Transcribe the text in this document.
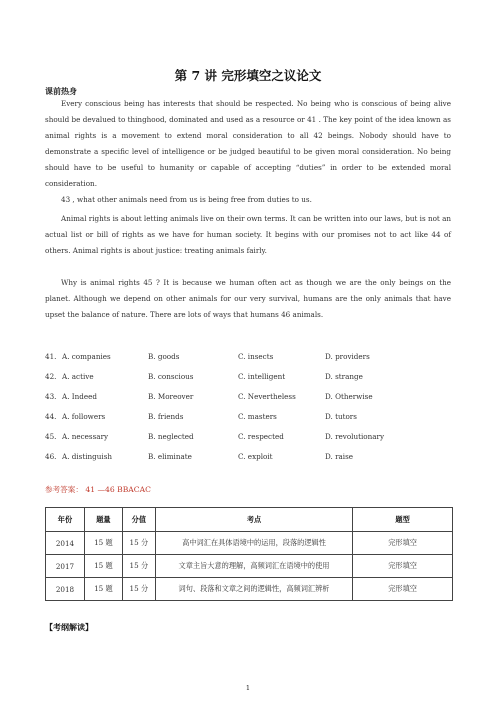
第 7 讲 完形填空之议论文
课前热身

Every conscious being has interests that should be respected. No being who is conscious of being alive should be devalued to thinghood, dominated and used as a resource or 41 . The key point of the idea known as animal rights is a movement to extend moral consideration to all 42 beings. Nobody should have to demonstrate a specific level of intelligence or be judged beautiful to be given moral consideration. No being should have to be useful to humanity or capable of accepting “duties” in order to be extended moral consideration.

43 , what other animals need from us is being free from duties to us.

Animal rights is about letting animals live on their own terms. It can be written into our laws, but is not an actual list or bill of rights as we have for human society. It begins with our promises not to act like 44 of others. Animal rights is about justice: treating animals fairly.

Why is animal rights 45 ? It is because we human often act as though we are the only beings on the planet. Although we depend on other animals for our very survival, humans are the only animals that have upset the balance of nature. There are lots of ways that humans 46 animals.

41. A. companies	B. goods	C. insects	D. providers
42. A. active	B. conscious	C. intelligent	D. strange
43. A. Indeed	B. Moreover	C. Nevertheless	D. Otherwise
44. A. followers	B. friends	C. masters	D. tutors
45. A. necessary	B. neglected	C. respected	D. revolutionary
46. A. distinguish	B. eliminate	C. exploit	D. raise
参考答案： 41 —46 BBACAC
年份	题量	分值	考点	题型
2014	15 题	15 分	高中词汇在具体语境中的运用，段落的逻辑性	完形填空
2017	15 题	15 分	文章主旨大意的理解，高频词汇在语境中的使用	完形填空
2018	15 题	15 分	词句、段落和文章之间的逻辑性，高频词汇辨析	完形填空
【考纲解读】
1
